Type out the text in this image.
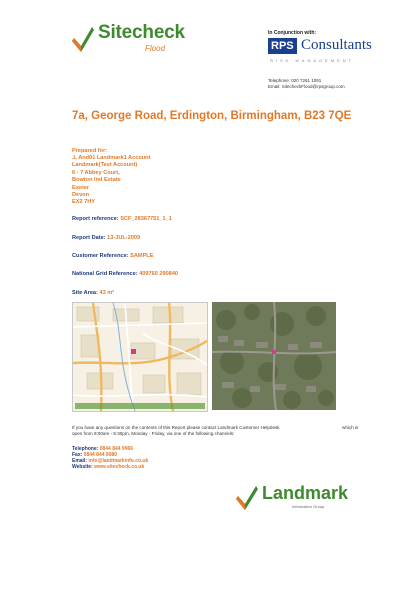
Sitecheck
Flood
In Conjunction with:
RPS Consultants
RISK MANAGEMENT
Telephone: 020 7261 1091
Email: SitecheckFlood@rpsgroup.com
7a, George Road, Erdington, Birmingham, B23 7QE
Prepared for:
.L And01 Landmark1 Account
Landmark(Test Account)
6 - 7 Abbey Court,
Bowton Ind Estate
Exeter
Devon
EX2 7HY
Report reference: SCF_28367751_1_1
Report Date: 13-JUL-2009
Customer Reference: SAMPLE
National Grid Reference: 409760 290840
Site Area: 43 m²
If you have any questions on the contents of this Report please contact Landmark Customer Helpdesk	which is
open from 9:00am - 5:30pm, Monday - Friday, via one of the following channels:
Telephone: 0844 844 9966
Fax: 0844 844 9980
Email: info@landmarkinfo.co.uk
Website: www.sitecheck.co.uk
Landmark
Information Group
